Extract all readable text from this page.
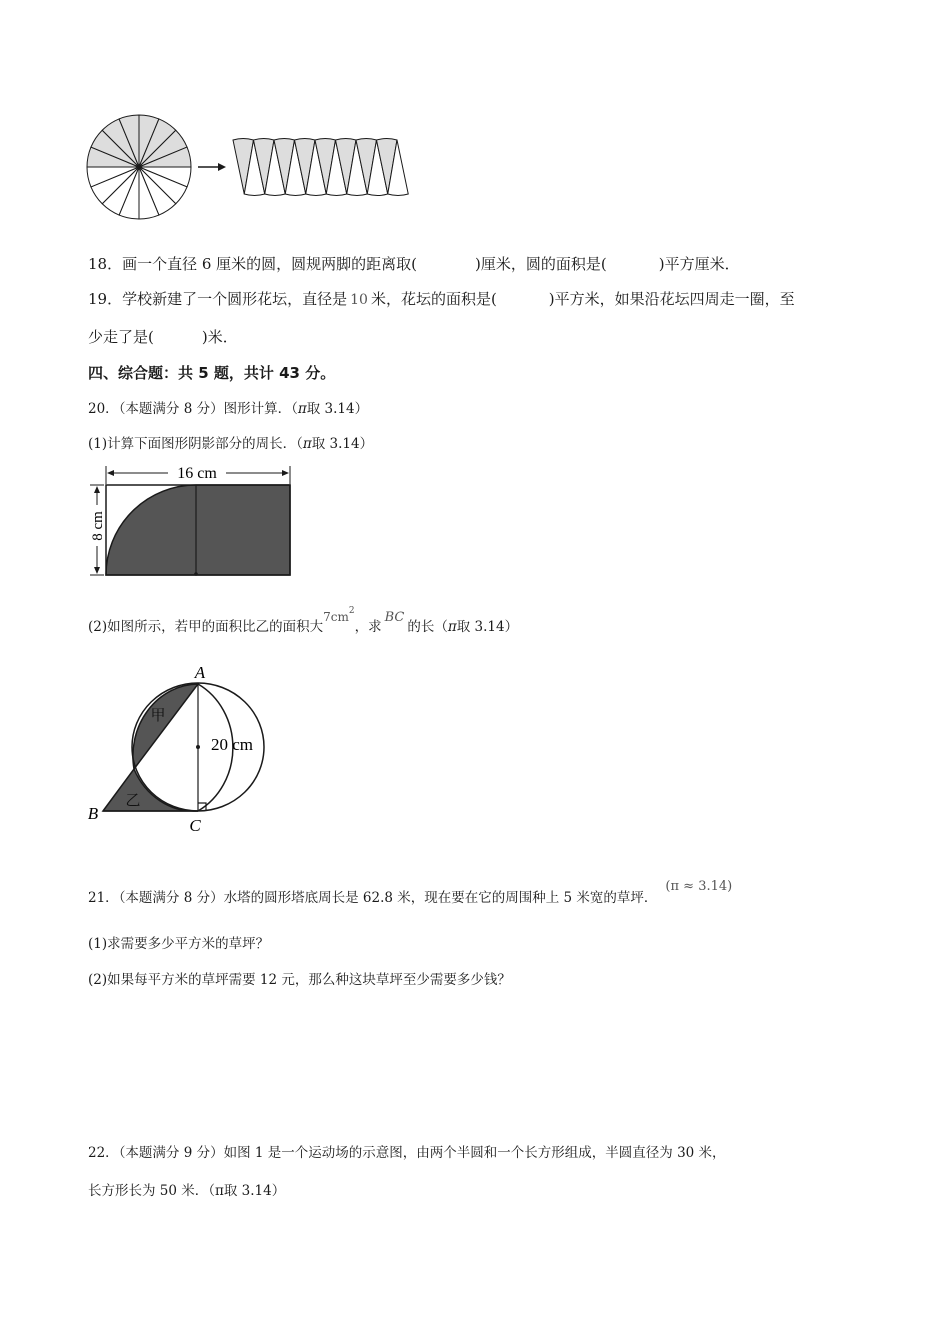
18．画一个直径 6 厘米的圆，圆规两脚的距离取(	)厘米，圆的面积是(	)平方厘米．
19．学校新建了一个圆形花坛，直径是 10 米，花坛的面积是(	)平方米，如果沿花坛四周走一圈，至
少走了是(	)米．
四、综合题：共 5 题，共计 43 分。
20．（本题满分 8 分）图形计算．（π取 3.14）
(1)计算下面图形阴影部分的周长．（π取 3.14）
16 cm
8 cm
(2)如图所示，若甲的面积比乙的面积大$7cm^2$，求BC的长（π取 3.14）
A
B
C
甲
乙
20 cm
21．（本题满分 8 分）水塔的圆形塔底周长是 62.8 米，现在要在它的周围种上 5 米宽的草坪．(π ≈ 3.14)
(1)求需要多少平方米的草坪？
(2)如果每平方米的草坪需要 12 元，那么种这块草坪至少需要多少钱？
22．（本题满分 9 分）如图 1 是一个运动场的示意图，由两个半圆和一个长方形组成，半圆直径为 30 米，
长方形长为 50 米．（π取 3.14）
